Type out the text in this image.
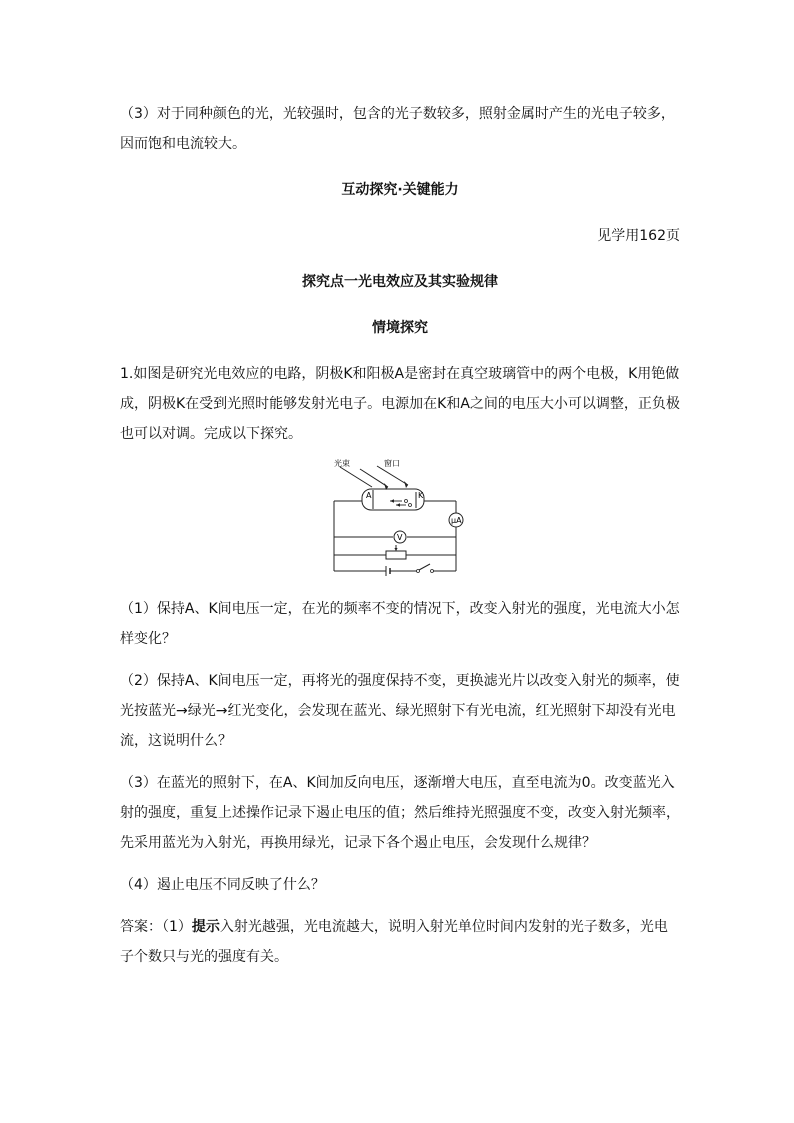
（3）对于同种颜色的光，光较强时，包含的光子数较多，照射金属时产生的光电子较多，

因而饱和电流较大。

互动探究·关键能力
见学用162页
探究点一光电效应及其实验规律
情境探究

1.如图是研究光电效应的电路，阴极K和阳极A是密封在真空玻璃管中的两个电极，K用铯做

成，阴极K在受到光照时能够发射光电子。电源加在K和A之间的电压大小可以调整，正负极

也可以对调。完成以下探究。

光束	窗口
A	K
μA
V

（1）保持A、K间电压一定，在光的频率不变的情况下，改变入射光的强度，光电流大小怎

样变化？

（2）保持A、K间电压一定，再将光的强度保持不变，更换滤光片以改变入射光的频率，使

光按蓝光→绿光→红光变化，会发现在蓝光、绿光照射下有光电流，红光照射下却没有光电

流，这说明什么？

（3）在蓝光的照射下，在A、K间加反向电压，逐渐增大电压，直至电流为0。改变蓝光入

射的强度，重复上述操作记录下遏止电压的值；然后维持光照强度不变，改变入射光频率，

先采用蓝光为入射光，再换用绿光，记录下各个遏止电压，会发现什么规律？

（4）遏止电压不同反映了什么？

答案：（1）提示入射光越强，光电流越大，说明入射光单位时间内发射的光子数多，光电

子个数只与光的强度有关。
